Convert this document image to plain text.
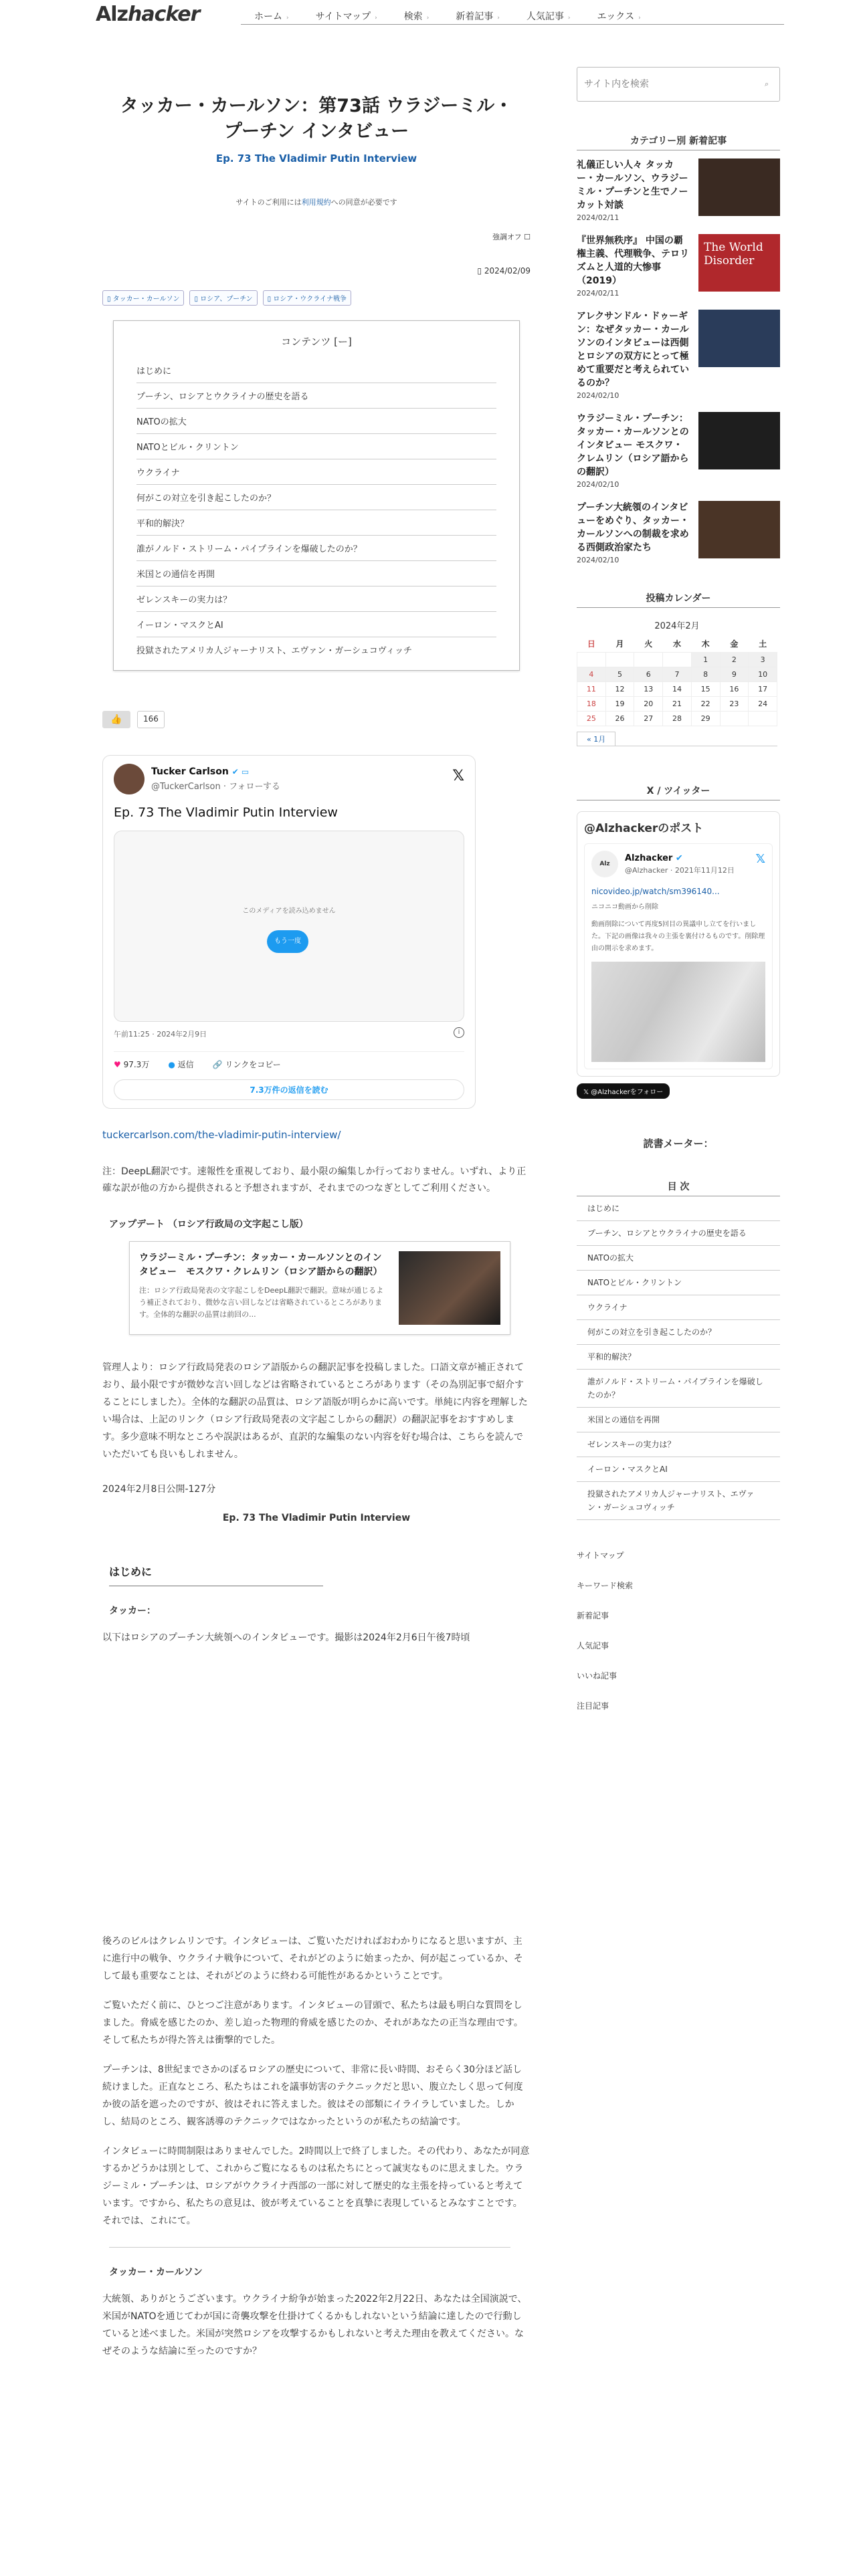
Alzhacker	ホーム ›	サイトマップ ›	検索 ›	新着記事 ›	人気記事 ›	エックス ›
タッカー・カールソン：第73話 ウラジーミル・プーチン インタビュー
Ep. 73 The Vladimir Putin Interview
サイトのご利用には利用規約への同意が必要です
強調オフ ☐
▯ 2024/02/09
▯ タッカー・カールソン	▯ ロシア、プーチン	▯ ロシア・ウクライナ戦争
コンテンツ [ー]
はじめに
プーチン、ロシアとウクライナの歴史を語る
NATOの拡大
NATOとビル・クリントン
ウクライナ
何がこの対立を引き起こしたのか？
平和的解決？
誰がノルド・ストリーム・パイプラインを爆破したのか？
米国との通信を再開
ゼレンスキーの実力は？
イーロン・マスクとAI
投獄されたアメリカ人ジャーナリスト、エヴァン・ガーシュコヴィッチ
👍	166
Tucker Carlson ✔ ▭
@TuckerCarlson · フォローする
𝕏
Ep. 73 The Vladimir Putin Interview
このメディアを読み込めません
もう一度
午前11:25 · 2024年2月9日	i
♥ 97.3万 ● 返信 🔗 リンクをコピー
7.3万件の返信を読む
tuckercarlson.com/the-vladimir-putin-interview/

注：DeepL翻訳です。速報性を重視しており、最小限の編集しか行っておりません。いずれ、より正確な訳が他の方から提供されると予想されますが、それまでのつなぎとしてご利用ください。

アップデート （ロシア行政局の文字起こし版）
ウラジーミル・プーチン：タッカー・カールソンとのインタビュー　モスクワ・クレムリン（ロシア語からの翻訳）
注：ロシア行政局発表の文字起こしをDeepL翻訳で翻訳。意味が通じるよう補正されており、微妙な言い回しなどは省略されているところがあります。全体的な翻訳の品質は前回の...

管理人より：ロシア行政局発表のロシア語版からの翻訳記事を投稿しました。口語文章が補正されており、最小限ですが微妙な言い回しなどは省略されているところがあります（その為別記事で紹介することにしました）。全体的な翻訳の品質は、ロシア語版が明らかに高いです。単純に内容を理解したい場合は、上記のリンク（ロシア行政局発表の文字起こしからの翻訳）の翻訳記事をおすすめします。多少意味不明なところや誤訳はあるが、直訳的な編集のない内容を好む場合は、こちらを読んでいただいても良いもしれません。

2024年2月8日公開-127分
Ep. 73 The Vladimir Putin Interview
はじめに
タッカー：

以下はロシアのプーチン大統領へのインタビューです。撮影は2024年2月6日午後7時頃

後ろのビルはクレムリンです。インタビューは、ご覧いただければおわかりになると思いますが、主に進行中の戦争、ウクライナ戦争について、それがどのように始まったか、何が起こっているか、そして最も重要なことは、それがどのように終わる可能性があるかということです。

ご覧いただく前に、ひとつご注意があります。インタビューの冒頭で、私たちは最も明白な質問をしました。脅威を感じたのか、差し迫った物理的脅威を感じたのか、それがあなたの正当な理由です。そして私たちが得た答えは衝撃的でした。

プーチンは、8世紀までさかのぼるロシアの歴史について、非常に長い時間、おそらく30分ほど話し続けました。正直なところ、私たちはこれを議事妨害のテクニックだと思い、腹立たしく思って何度か彼の話を遮ったのですが、彼はそれに答えました。彼はその部類にイライラしていました。しかし、結局のところ、観客誘導のテクニックではなかったというのが私たちの結論です。

インタビューに時間制限はありませんでした。2時間以上で終了しました。その代わり、あなたが同意するかどうかは別として、これからご覧になるものは私たちにとって誠実なものに思えました。ウラジーミル・プーチンは、ロシアがウクライナ西部の一部に対して歴史的な主張を持っていると考えています。ですから、私たちの意見は、彼が考えていることを真摯に表現しているとみなすことです。それでは、これにて。

タッカー・カールソン

大統領、ありがとうございます。ウクライナ紛争が始まった2022年2月22日、あなたは全国演説で、米国がNATOを通じてわが国に奇襲攻撃を仕掛けてくるかもしれないという結論に達したので行動していると述べました。米国が突然ロシアを攻撃するかもしれないと考えた理由を教えてください。なぜそのような結論に至ったのですか？

サイト内を検索
⌕
カテゴリー別 新着記事
礼儀正しい人々 タッカー・カールソン、ウラジーミル・プーチンと生でノーカット対談
2024/02/11
『世界無秩序』 中国の覇権主義、代理戦争、テロリズムと人道的大惨事（2019）
2024/02/11
The World Disorder
アレクサンドル・ドゥーギン：なぜタッカー・カールソンのインタビューは西側とロシアの双方にとって極めて重要だと考えられているのか？
2024/02/10
ウラジーミル・プーチン：タッカー・カールソンとのインタビュー モスクワ・クレムリン（ロシア語からの翻訳）
2024/02/10
プーチン大統領のインタビューをめぐり、タッカー・カールソンへの制裁を求める西側政治家たち
2024/02/10
投稿カレンダー
2024年2月
日	月	火	水	木	金	土
				1	2	3
4	5	6	7	8	9	10
11	12	13	14	15	16	17
18	19	20	21	22	23	24
25	26	27	28	29		
« 1月
X / ツイッター
@Alzhackerのポスト
Alz
Alzhacker ✔
@Alzhacker · 2021年11月12日
𝕏
nicovideo.jp/watch/sm396140...
ニコニコ動画から削除
動画削除について再度5回目の異議申し立てを行いました。下記の画像は我々の主張を裏付けるものです。削除理由の開示を求めます。
𝕏 @Alzhackerをフォロー
読書メーター：
目 次
はじめに
プーチン、ロシアとウクライナの歴史を語る
NATOの拡大
NATOとビル・クリントン
ウクライナ
何がこの対立を引き起こしたのか？
平和的解決？
誰がノルド・ストリーム・パイプラインを爆破したのか？
米国との通信を再開
ゼレンスキーの実力は？
イーロン・マスクとAI
投獄されたアメリカ人ジャーナリスト、エヴァン・ガーシュコヴィッチ
サイトマップ
キーワード検索
新着記事
人気記事
いいね記事
注目記事
